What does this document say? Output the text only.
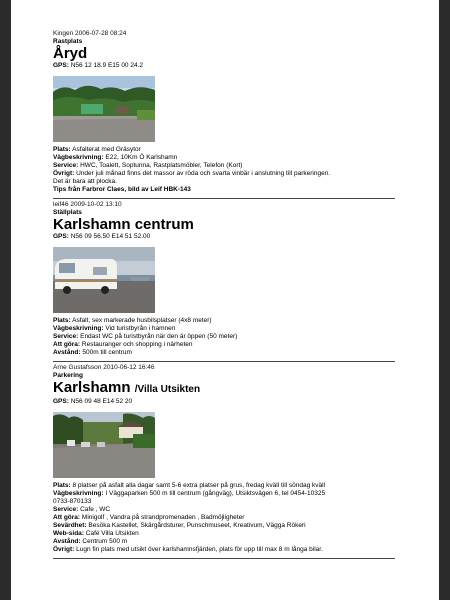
Kingen 2006-07-28 08:24
Rastplats
Åryd
GPS: N56 12 18.9 E15 00 24.2
Plats: Asfalterat med Gräsytor
Vägbeskrivning: E22, 10Km Ö Karlshamn
Service: HWC, Toalett, Soptunna, Rastplatsmöbler, Telefon (Kort)
Övrigt: Under juli månad finns det massor av röda och svarta vinbär i anslutning till parkeringen.
Det är bara att plocka.
Tips från Farbror Claes, bild av Leif HBK-143
leif46 2009-10-02 13:10
Ställplats
Karlshamn centrum
GPS: N56 09 56.50 E14 51 52.00
Plats: Asfalt, sex markerade husbilsplatser (4x8 meter)
Vägbeskrivning: Vid turistbyrån i hamnen
Service: Endast WC på turistbyrån när den är öppen (50 meter)
Att göra: Restauranger och shopping i närheten
Avstånd: 500m till centrum
Arne Gustafsson 2010-06-12 16:46
Parkering
Karlshamn /Villa Utsikten
GPS: N56 09 48 E14 52 20
Plats: 8 platser på asfalt alla dagar samt 5-6 extra platser på grus, fredag kväll till söndag kväll
Vägbeskrivning: I Väggaparken 500 m till centrum (gångväg), Utsiktsvägen 6, tel 0454-10325
0733-870133
Service: Cafe , WC
Att göra: Minigolf , Vandra på strandpromenaden , Badmöjligheter
Sevärdhet: Besöka Kastellet, Skärgårdsturer, Punschmuseet, Kreativum, Vägga Rökeri
Web-sida: Café Villa Utsikten
Avstånd: Centrum 500 m
Övrigt: Lugn fin plats med utsikt över karlshamnsfjärden, plats för upp till max 8 m långa bilar.
